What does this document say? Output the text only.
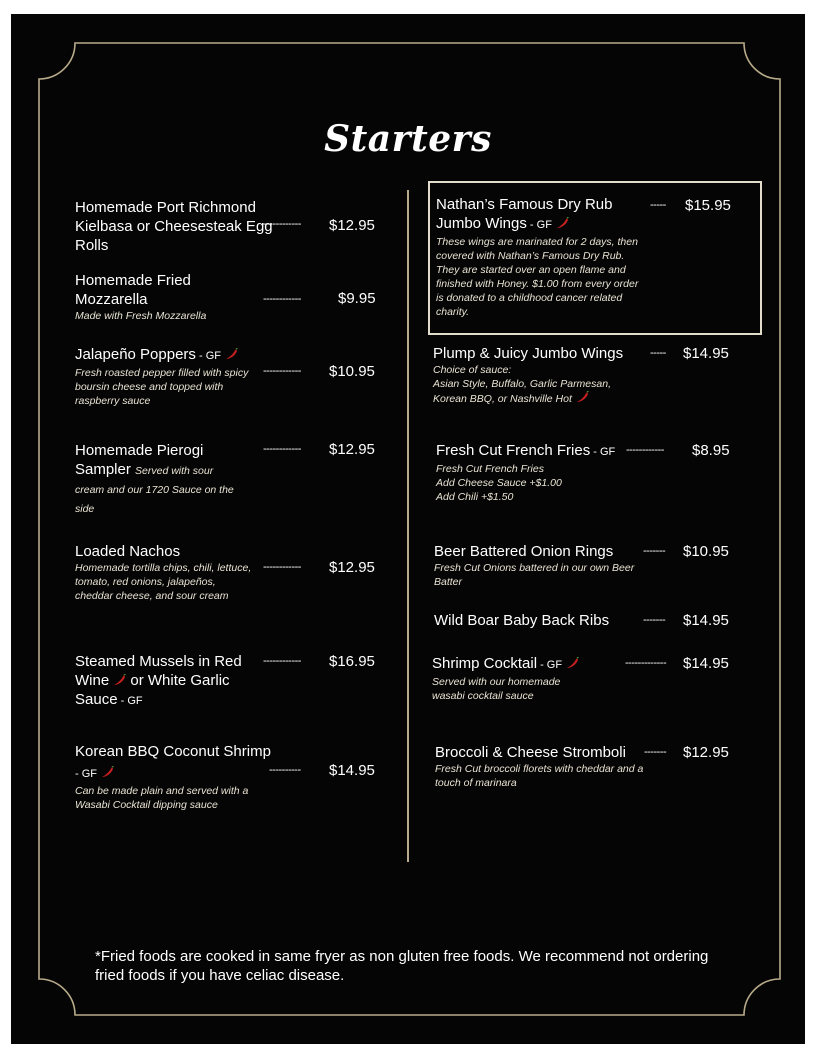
Starters
Homemade Port Richmond Kielbasa or Cheesesteak Egg Rolls
------------ $12.95
Homemade Fried Mozzarella
Made with Fresh Mozzarella
------------ $9.95
Jalapeño Poppers - GF
Fresh roasted pepper filled with spicy boursin cheese and topped with raspberry sauce
------------ $10.95
Homemade Pierogi Sampler Served with sour cream and our 1720 Sauce on the side
------------ $12.95
Loaded Nachos
Homemade tortilla chips, chili, lettuce, tomato, red onions, jalapeños, cheddar cheese, and sour cream
------------ $12.95
Steamed Mussels in Red Wine or White Garlic Sauce - GF
------------ $16.95
Korean BBQ Coconut Shrimp - GF
Can be made plain and served with a Wasabi Cocktail dipping sauce
---------- $14.95
Nathan’s Famous Dry Rub Jumbo Wings - GF
These wings are marinated for 2 days, then covered with Nathan’s Famous Dry Rub. They are started over an open flame and finished with Honey. $1.00 from every order is donated to a childhood cancer related charity.
----- $15.95
Plump & Juicy Jumbo Wings
Choice of sauce:
Asian Style, Buffalo, Garlic Parmesan,
Korean BBQ, or Nashville Hot
----- $14.95
Fresh Cut French Fries - GF
Fresh Cut French Fries
Add Cheese Sauce +$1.00
Add Chili +$1.50
------------ $8.95
Beer Battered Onion Rings
Fresh Cut Onions battered in our own Beer Batter
------- $10.95
Wild Boar Baby Back Ribs	------- $14.95
Shrimp Cocktail - GF
Served with our homemade wasabi cocktail sauce
------------- $14.95
Broccoli & Cheese Stromboli
Fresh Cut broccoli florets with cheddar and a touch of marinara
------- $12.95
*Fried foods are cooked in same fryer as non gluten free foods. We recommend not ordering fried foods if you have celiac disease.
